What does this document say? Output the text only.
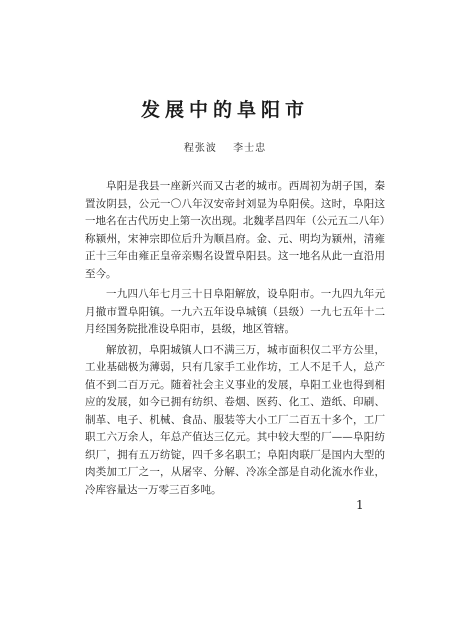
发展中的阜阳市
程张波 李士忠

阜阳是我县一座新兴而又古老的城市。西周初为胡子国，秦置汝阴县，公元一〇八年汉安帝封刘显为阜阳侯。这时，阜阳这一地名在古代历史上第一次出现。北魏孝昌四年（公元五二八年）称颍州，宋神宗即位后升为顺昌府。金、元、明均为颍州，清雍正十三年由雍正皇帝亲赐名设置阜阳县。这一地名从此一直沿用至今。

一九四八年七月三十日阜阳解放，设阜阳市。一九四九年元月撤市置阜阳镇。一九六五年设阜城镇（县级）一九七五年十二月经国务院批准设阜阳市，县级，地区管辖。

解放初，阜阳城镇人口不满三万，城市面积仅二平方公里，工业基础极为薄弱，只有几家手工业作坊，工人不足千人，总产值不到二百万元。随着社会主义事业的发展，阜阳工业也得到相应的发展，如今已拥有纺织、卷烟、医药、化工、造纸、印刷、制革、电子、机械、食品、服装等大小工厂二百五十多个，工厂职工六万余人，年总产值达三亿元。其中较大型的厂——阜阳纺织厂，拥有五万纺锭，四千多名职工；阜阳肉联厂是国内大型的肉类加工厂之一，从屠宰、分解、冷冻全部是自动化流水作业，冷库容量达一万零三百多吨。

1
